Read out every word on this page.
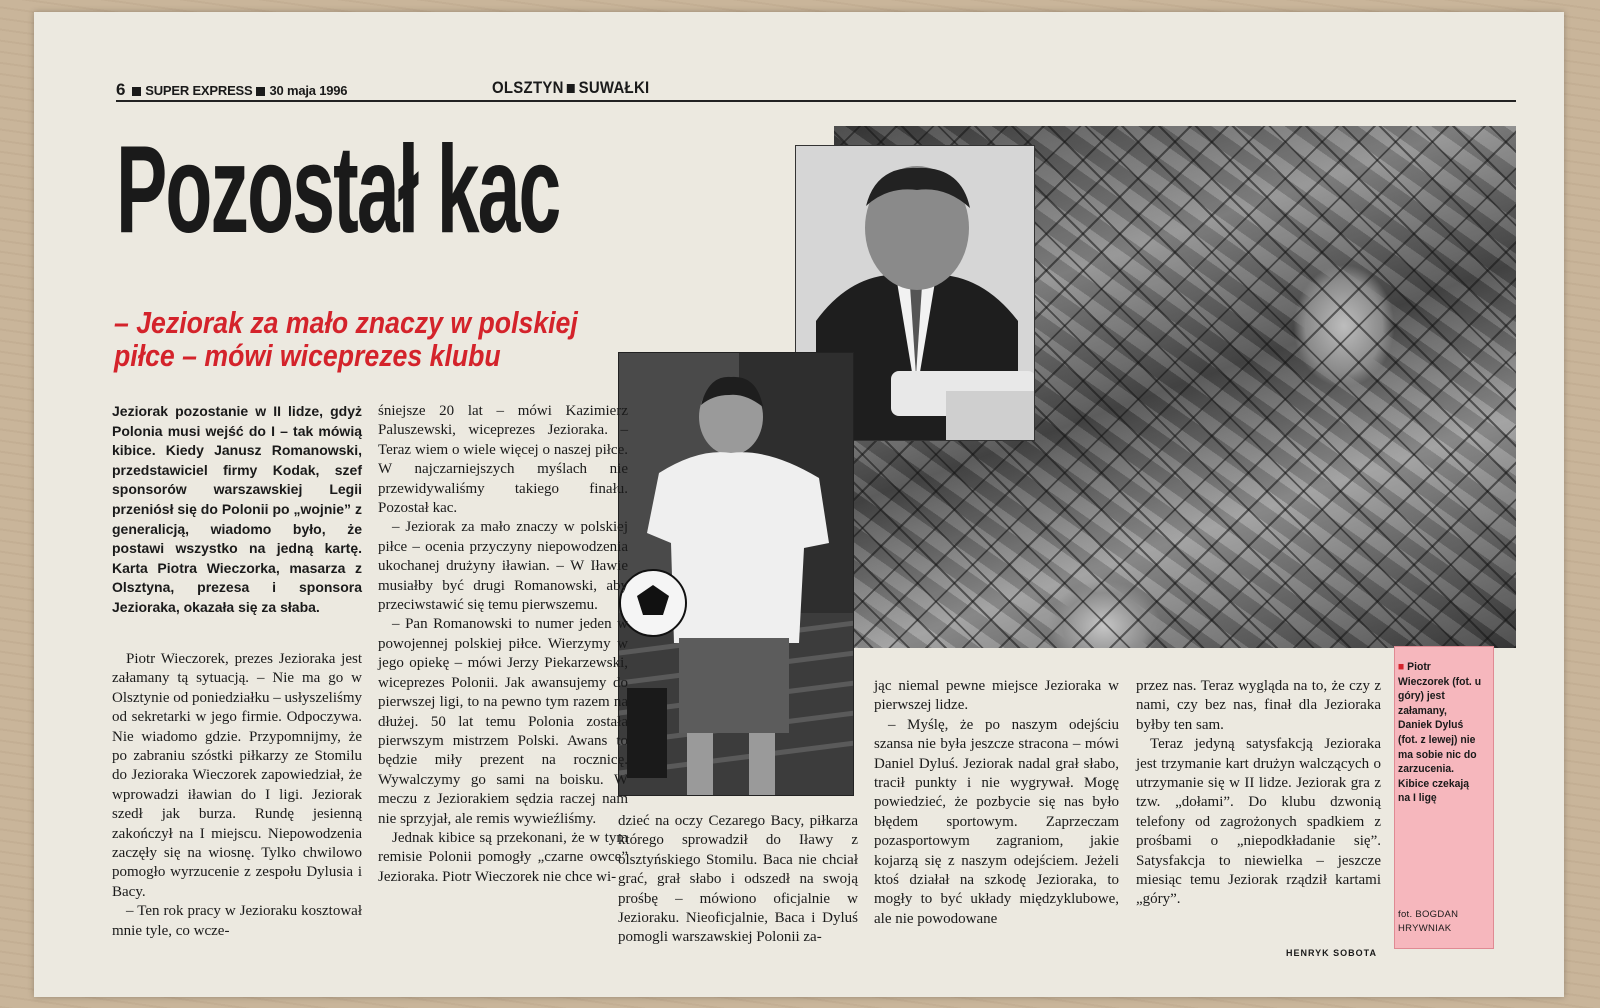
6 SUPER EXPRESS 30 maja 1996	OLSZTYN SUWAŁKI
Pozostał kac
– Jeziorak za mało znaczy w polskiej piłce – mówi wiceprezes klubu
Jeziorak pozostanie w II lidze, gdyż Polonia musi wejść do I – tak mówią kibice. Kiedy Janusz Romanowski, przedstawiciel firmy Kodak, szef sponsorów warszawskiej Legii przeniósł się do Polonii po „wojnie” z generalicją, wiadomo było, że postawi wszystko na jedną kartę. Karta Piotra Wieczorka, masarza z Olsztyna, prezesa i sponsora Jezioraka, okazała się za słaba.

Piotr Wieczorek, prezes Jezioraka jest załamany tą sytuacją. – Nie ma go w Olsztynie od poniedziałku – usłyszeliśmy od sekretarki w jego firmie. Odpoczywa. Nie wiadomo gdzie. Przypomnijmy, że po zabraniu szóstki piłkarzy ze Stomilu do Jezioraka Wieczorek zapowiedział, że wprowadzi iławian do I ligi. Jeziorak szedł jak burza. Rundę jesienną zakończył na I miejscu. Niepowodzenia zaczęły się na wiosnę. Tylko chwilowo pomogło wyrzucenie z zespołu Dylusia i Bacy.

– Ten rok pracy w Jezioraku kosztował mnie tyle, co wcze-

śniejsze 20 lat – mówi Kazimierz Paluszewski, wiceprezes Jezioraka. – Teraz wiem o wiele więcej o naszej piłce. W najczarniejszych myślach nie przewidywaliśmy takiego finału. Pozostał kac.

– Jeziorak za mało znaczy w polskiej piłce – ocenia przyczyny niepowodzenia ukochanej drużyny iławian. – W Iławie musiałby być drugi Romanowski, aby przeciwstawić się temu pierwszemu.

– Pan Romanowski to numer jeden w powojennej polskiej piłce. Wierzymy w jego opiekę – mówi Jerzy Piekarzewski, wiceprezes Polonii. Jak awansujemy do pierwszej ligi, to na pewno tym razem na dłużej. 50 lat temu Polonia została pierwszym mistrzem Polski. Awans to będzie miły prezent na rocznicę. Wywalczymy go sami na boisku. W meczu z Jeziorakiem sędzia raczej nam nie sprzyjał, ale remis wywieźliśmy.

Jednak kibice są przekonani, że w tym remisie Polonii pomogły „czarne owce” Jezioraka. Piotr Wieczorek nie chce wi-

dzieć na oczy Cezarego Bacy, piłkarza którego sprowadził do Iławy z olsztyńskiego Stomilu. Baca nie chciał grać, grał słabo i odszedł na swoją prośbę – mówiono oficjalnie w Jezioraku. Nieoficjalnie, Baca i Dyluś pomogli warszawskiej Polonii za-

jąc niemal pewne miejsce Jezioraka w pierwszej lidze.

– Myślę, że po naszym odejściu szansa nie była jeszcze stracona – mówi Daniel Dyluś. Jeziorak nadal grał słabo, tracił punkty i nie wygrywał. Mogę powiedzieć, że pozbycie się nas było błędem sportowym. Zaprzeczam pozasportowym zagraniom, jakie kojarzą się z naszym odejściem. Jeżeli ktoś działał na szkodę Jezioraka, to mogły to być układy międzyklubowe, ale nie powodowane

przez nas. Teraz wygląda na to, że czy z nami, czy bez nas, finał dla Jezioraka byłby ten sam.

Teraz jedyną satysfakcją Jezioraka jest trzymanie kart drużyn walczących o utrzymanie się w II lidze. Jeziorak gra z tzw. „dołami”. Do klubu dzwonią telefony od zagrożonych spadkiem z prośbami o „niepodkładanie się”. Satysfakcja to niewielka – jeszcze miesiąc temu Jeziorak rządził kartami „góry”.

■ Piotr Wieczorek (fot. u góry) jest załamany, Daniek Dyluś (fot. z lewej) nie ma sobie nic do zarzucenia. Kibice czekają na I ligę
fot. BOGDAN HRYWNIAK
HENRYK SOBOTA
